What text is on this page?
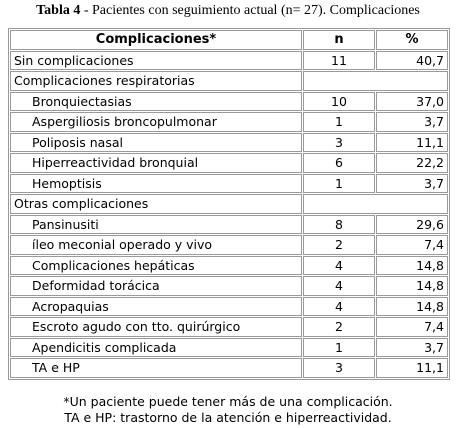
Tabla 4 - Pacientes con seguimiento actual (n= 27). Complicaciones
Complicaciones*	n	%
Sin complicaciones	11	40,7
Complicaciones respiratorias		
Bronquiectasias	10	37,0
Aspergiliosis broncopulmonar	1	3,7
Poliposis nasal	3	11,1
Hiperreactividad bronquial	6	22,2
Hemoptisis	1	3,7
Otras complicaciones		
Pansinusiti	8	29,6
íleo meconial operado y vivo	2	7,4
Complicaciones hepáticas	4	14,8
Deformidad torácica	4	14,8
Acropaquias	4	14,8
Escroto agudo con tto. quirúrgico	2	7,4
Apendicitis complicada	1	3,7
TA e HP	3	11,1
*Un paciente puede tener más de una complicación.
TA e HP: trastorno de la atención e hiperreactividad.
